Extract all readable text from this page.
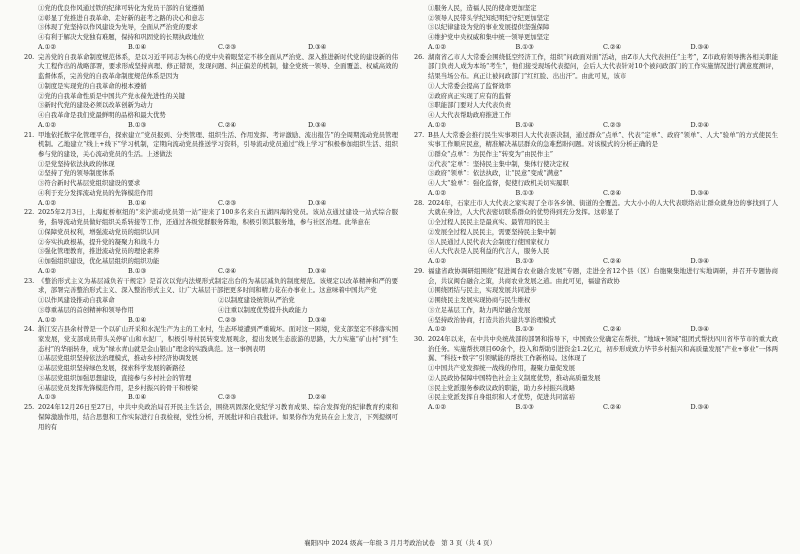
①党的优良作风通过铁的纪律可转化为党员干部的自觉遵循
②彰显了党推进自我革命、走好新的赶考之路的决心和意志
③体现了党坚持以作风建设为先导，全面从严治党的要求
④有利于解决大党独有难题，保持和巩固党的长期执政地位
A.①②	B.①④	C.②③	D.③④
20. 完善党的自我革命制度规范体系，是以习近平同志为核心的党中央着眼坚定不移全面从严治党、深入推进新时代党的建设新的伟大工程作出的战略部署，要求形成坚持真理、修正错误，发现问题、纠正偏差的机制，健全党统一领导、全面覆盖、权威高效的监督体系，完善党的自我革命制度规范体系是因为
①制度是实现党的自我革命的根本遵循
②党的自我革命性质是中国共产党永葆先进性的关键
③新时代党的建设必须以改革创新为动力
④自我革命是我们党最鲜明的品格和最大优势
A.①②	B.①③	C.②④	D.③④
21. 甲地依托数字化管理平台，探索建立“党员报到、分类管理、组织生活、作用发挥、考评激励、流出报告”的全周期流动党员管理机制。乙地建立“线上+线下”学习机制，定期向流动党员推送学习资料，引导流动党员通过“线上学习”积极参加组织生活、组织参与党的建设，关心流动党员的生活。上述做法
①是党坚持依法执政的体现
②坚持了党的领导制度体系
③符合新时代基层党组织建设的要求
④利于充分发挥流动党员的先锋模范作用
A.①②	B.①④	C.②③	D.③④
22. 2025年2月3日，上海虹桥枢纽的“来沪流动党员第一站”迎来了100多名来自五湖四海的党员。该站点通过建设一站式综合服务，指导流动党员做好组织关系转接等工作，还通过各级党群服务阵地，积极引领其服务地，参与社区治理。此举意在
①保障党员权利，增强流动党员的组织认同
②夯实执政根基，提升党的凝聚力和战斗力
③强化管理教育，推进流动党员的理论素养
④加强组织建设，优化基层组织的组织功能
A.①②	B.①③	C.②④	D.③④
23. 《整治形式主义为基层减负若干规定》是首次以党内法规形式制定出台的为基层减负的制度规范。该规定以改革精神和严的要求，部署完善整治形式主义、深入整治形式主义、让广大基层干部把更多时间和精力花在办事业上。这意味着中国共产党
①以作风建设推动自我革命	②以制度建设统领从严治党
③尊重基层的首创精神和领导作用	④注重以制度优势提升执政能力
A.①②	B.①④	C.②③	D.③④
24. 浙江安吉县余村曾是一个以矿山开采和水泥生产为主的工业村，生态环境遭到严重破坏。面对这一困境，党支部坚定不移落实国家发展，党支部成员带头关停矿山和水泥厂，积极引导村民转变发展观念，提出发展生态旅游的思路，大力实施“矿山村”到“生态村”的华丽转身，成为“绿水青山就是金山银山”理念的实践典范。这一事例表明
①基层党组织坚持依法治理模式，推动乡村经济协调发展
②基层党组织坚持绿色发展，探索科学发展的新路径
③基层党组织加强思想建设，直接参与乡村社会的管理
④基层党员发挥先锋模范作用，是乡村振兴的骨干和桥梁
A.①③	B.①④	C.②③	D.②④
25. 2024年12月26日至27日，中共中央政治局召开民主生活会，围绕巩固深化党纪学习教育成果、综合发挥党的纪律教育约束和保障激励作用，结合思想和工作实际进行自我检视，党性分析，开展批评和自我批评。如果你作为党员在会上发言，下列提纲可用的有
①服务人民，造福人民的使命更加坚定
②领导人民带头学纪知纪明纪守纪更加坚定
③以纪律建设为党的事业发展提供坚强保障
④维护党中央权威和集中统一领导更加坚定
A.①②	B.①③	C.②④	D.③④
26. 湖南省乙市人大常委会围绕低空经济工作，组织“问政面对面”活动，由Z市人大代表担任“主考”，Z市政府领导携各相关职能部门负责人成为本场“考生”，他们接受现场代表提问，会后人大代表针对10个被问政部门的工作实施情况进行满意度测评，结果当场公布。真正让被问政部门“红红脸、出出汗”。由此可见，该市
①人大常委会提高了监督效率
②政府真正实现了应有的监督
③职能部门要对人大代表负责
④人大代表帮助政府推进工作
A.①②	B.①④	C.②③	D.②④
27. B县人大常委会推行民生实事项目人大代表票决制，通过群众“点单”、代表“定单”、政府“领单”、人大“验单”的方式使民生实事工作顺应民意，精准解决基层群众的急难愁盼问题。对该模式的分析正确的是
①群众“点单”：为民作主”转变为“由民作主”
②代表“定单”：坚持民主集中制，集体行使决定权
③政府“领单”：依法执政，让“民意”变成“满意”
④人大“验单”：强化监督，促使行政机关切实履职
A.①②	B.①③	C.②④	D.③④
28. 2024年，石家庄市人大代表之家实现了全市各乡镇、街道的全覆盖。大大小小的人大代表联络站让群众就身边的事找到了人大就在身边，人大代表密切联系群众的优势得到充分发挥。这彰显了
①全过程人民民主是最真实、最管用的民主
②发展全过程人民民主，需要坚持民主集中制
③人民通过人民代表大会制度行使国家权力
④人大代表是人民利益的代言人，服务人民
A.①②	B.①③	C.②④	D.③④
29. 福建省政协调研组围绕“促进闽台农业融合发展”专题，走进全省12个县（区）台胞聚集地进行实地调研，并召开专题协商会，共议闽台融合之策，共商农业发展之道。由此可见，福建省政协
①围绕团结与民主，实现发展共同进步
②围绕民主发展实现协商与民生维权
③立足基层工作，助力两岸融合发展
④坚持政治协商，打造共治共建共享治理模式
A.①②	B.①③	C.②④	D.③④
30. 2024年以来，在中共中央统战部的部署和指导下，中国致公党确定在帮扶、“地域+领域”组团式帮扶四川省毕节市的重大政治任务。实施帮扶项目60余个，投入和帮助引进资金1.2亿元，初步形成致力毕节乡村振兴和高质量发展“产业+事业”一体两翼、“科技+数字”引领赋能的帮扶工作新格局。这体现了
①中国共产党发挥统一战线的作用，凝聚力量促发展
②人民政协保障中国特色社会主义制度优势，推动高质量发展
③民主党派服务参政议政的职能，助力乡村振兴战略
④民主党派发挥自身组织和人才优势，促进共同富裕
A.①②	B.①③	C.②④	D.③④
襄阳四中 2024 级高一年级 3 月月考政治试卷　第 3 页（共 4 页）
